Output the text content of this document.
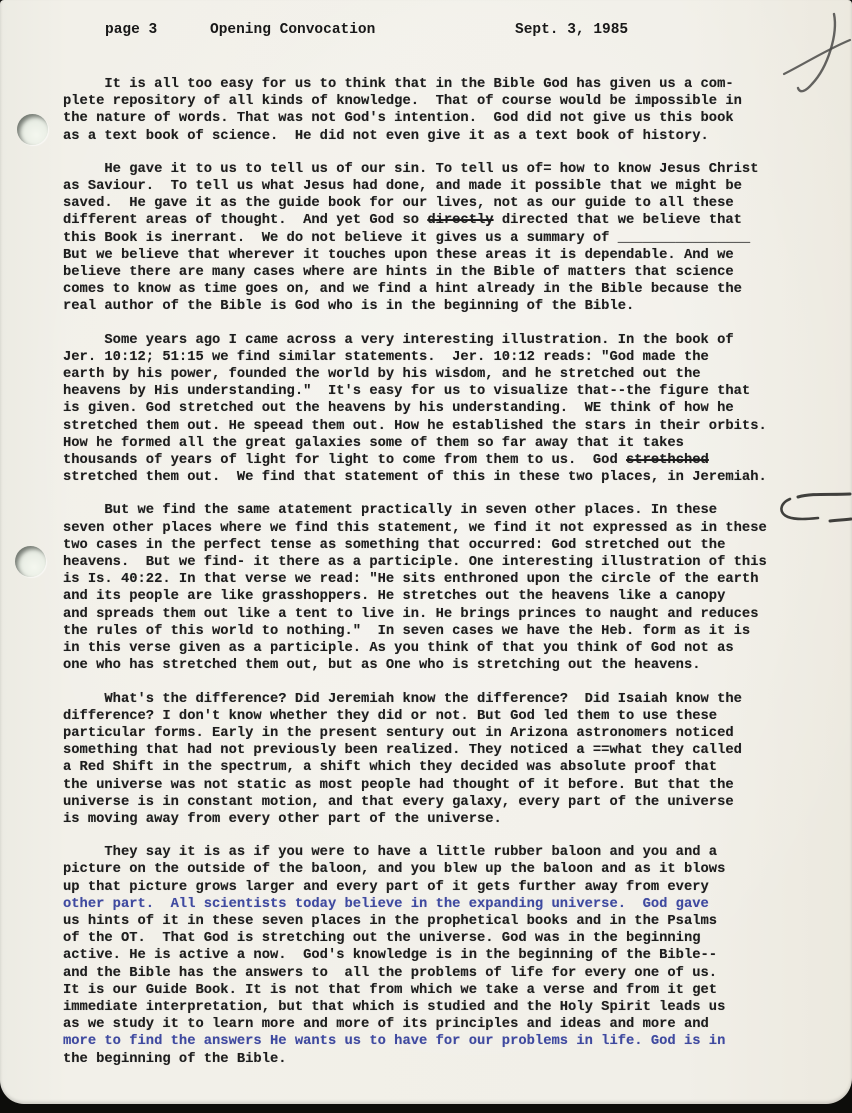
page 3	Opening Convocation	Sept. 3, 1985
It is all too easy for us to think that in the Bible God has given us a com-
plete repository of all kinds of knowledge.  That of course would be impossible in
the nature of words. That was not God's intention.  God did not give us this book
as a text book of science.  He did not even give it as a text book of history.
He gave it to us to tell us of our sin. To tell us of= how to know Jesus Christ
as Saviour.  To tell us what Jesus had done, and made it possible that we might be
saved.  He gave it as the guide book for our lives, not as our guide to all these
different areas of thought.  And yet God so directly directed that we believe that
this Book is inerrant.  We do not believe it gives us a summary of ________________
But we believe that wherever it touches upon these areas it is dependable. And we
believe there are many cases where are hints in the Bible of matters that science
comes to know as time goes on, and we find a hint already in the Bible because the
real author of the Bible is God who is in the beginning of the Bible.
Some years ago I came across a very interesting illustration. In the book of
Jer. 10:12; 51:15 we find similar statements.  Jer. 10:12 reads: "God made the
earth by his power, founded the world by his wisdom, and he stretched out the
heavens by His understanding."  It's easy for us to visualize that--the figure that
is given. God stretched out the heavens by his understanding.  WE think of how he
stretched them out. He speead them out. How he established the stars in their orbits.
How he formed all the great galaxies some of them so far away that it takes
thousands of years of light for light to come from them to us.  God strethched
stretched them out.  We find that statement of this in these two places, in Jeremiah.
But we find the same atatement practically in seven other places. In these
seven other places where we find this statement, we find it not expressed as in these
two cases in the perfect tense as something that occurred: God stretched out the
heavens.  But we find- it there as a participle. One interesting illustration of this
is Is. 40:22. In that verse we read: "He sits enthroned upon the circle of the earth
and its people are like grasshoppers. He stretches out the heavens like a canopy
and spreads them out like a tent to live in. He brings princes to naught and reduces
the rules of this world to nothing."  In seven cases we have the Heb. form as it is
in this verse given as a participle. As you think of that you think of God not as
one who has stretched them out, but as One who is stretching out the heavens.
What's the difference? Did Jeremiah know the difference?  Did Isaiah know the
difference? I don't know whether they did or not. But God led them to use these
particular forms. Early in the present sentury out in Arizona astronomers noticed
something that had not previously been realized. They noticed a ==what they called
a Red Shift in the spectrum, a shift which they decided was absolute proof that
the universe was not static as most people had thought of it before. But that the
universe is in constant motion, and that every galaxy, every part of the universe
is moving away from every other part of the universe.
They say it is as if you were to have a little rubber baloon and you and a
picture on the outside of the baloon, and you blew up the baloon and as it blows
up that picture grows larger and every part of it gets further away from every
other part.  All scientists today believe in the expanding universe.  God gave
us hints of it in these seven places in the prophetical books and in the Psalms
of the OT.  That God is stretching out the universe. God was in the beginning
active. He is active a now.  God's knowledge is in the beginning of the Bible--
and the Bible has the answers to  all the problems of life for every one of us.
It is our Guide Book. It is not that from which we take a verse and from it get
immediate interpretation, but that which is studied and the Holy Spirit leads us
as we study it to learn more and more of its principles and ideas and more and
more to find the answers He wants us to have for our problems in life. God is in
the beginning of the Bible.
